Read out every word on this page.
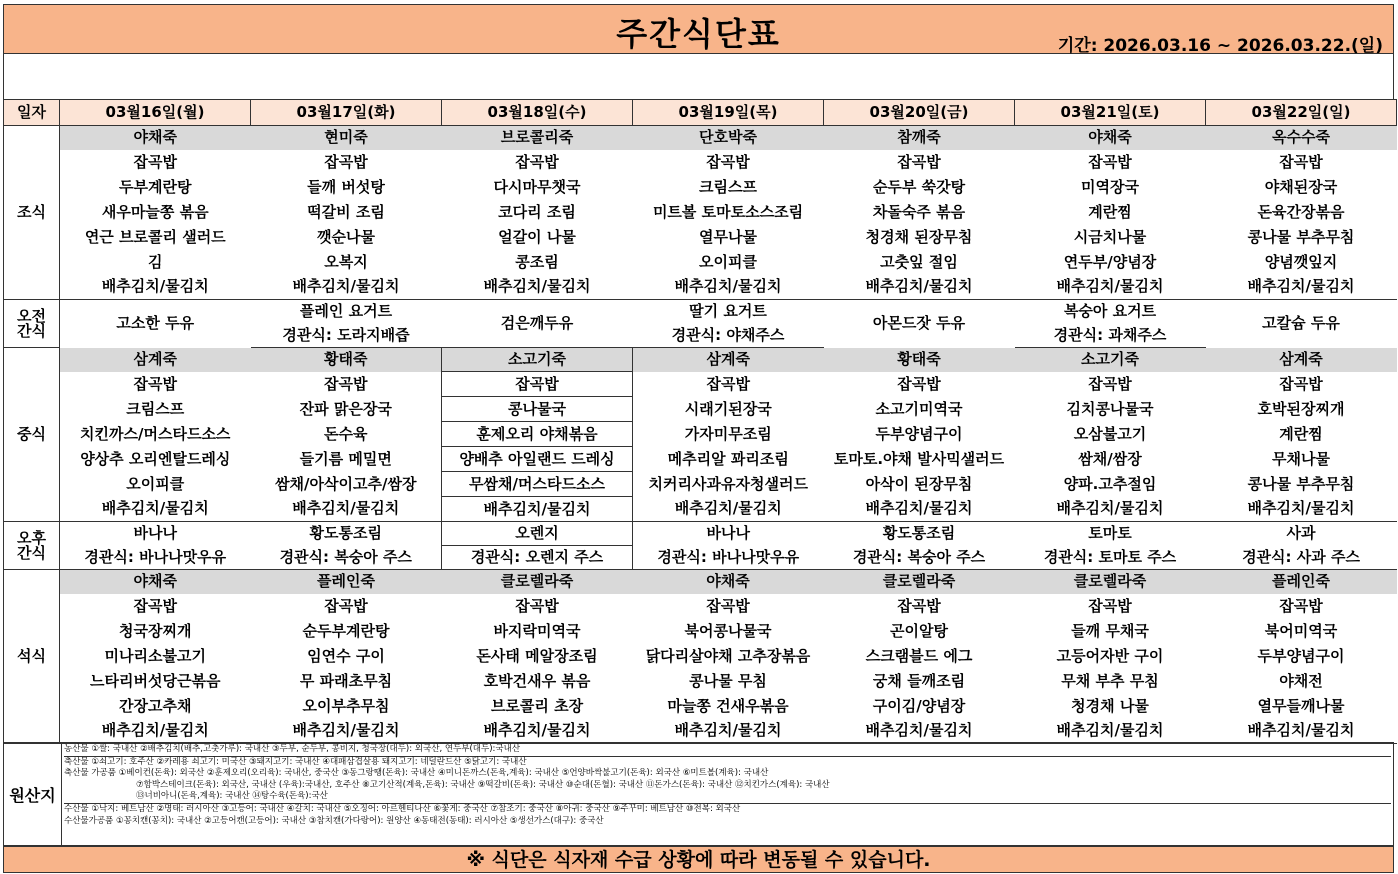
주간식단표	기간: 2026.03.16 ~ 2026.03.22.(일)
일자	03월16일(월)	03월17일(화)	03월18일(수)	03월19일(목)	03월20일(금)	03월21일(토)	03월22일(일)
조식	야채죽	현미죽	브로콜리죽	단호박죽	참깨죽	야채죽	옥수수죽
	잡곡밥	잡곡밥	잡곡밥	잡곡밥	잡곡밥	잡곡밥	잡곡밥
	두부계란탕	들깨 버섯탕	다시마무챗국	크림스프	순두부 쑥갓탕	미역장국	야채된장국
	새우마늘쫑 볶음	떡갈비 조림	코다리 조림	미트볼 토마토소스조림	차돌숙주 볶음	계란찜	돈육간장볶음
	연근 브로콜리 샐러드	깻순나물	얼갈이 나물	열무나물	청경채 된장무침	시금치나물	콩나물 부추무침
	김	오복지	콩조림	오이피클	고춧잎 절임	연두부/양념장	양념깻잎지
	배추김치/물김치	배추김치/물김치	배추김치/물김치	배추김치/물김치	배추김치/물김치	배추김치/물김치	배추김치/물김치
오전
간식	고소한 두유	플레인 요거트	검은깨두유	딸기 요거트	아몬드잣 두유	복숭아 요거트	고칼슘 두유
		경관식: 도라지배즙		경관식: 야채주스		경관식: 과채주스	
중식	삼계죽	황태죽	소고기죽	삼계죽	황태죽	소고기죽	삼계죽
	잡곡밥	잡곡밥	잡곡밥	잡곡밥	잡곡밥	잡곡밥	잡곡밥
	크림스프	잔파 맑은장국	콩나물국	시래기된장국	소고기미역국	김치콩나물국	호박된장찌개
	치킨까스/머스타드소스	돈수육	훈제오리 야채볶음	가자미무조림	두부양념구이	오삼불고기	계란찜
	양상추 오리엔탈드레싱	들기름 메밀면	양배추 아일랜드 드레싱	메추리알 꽈리조림	토마토.야채 발사믹샐러드	쌈채/쌈장	무채나물
	오이피클	쌈채/아삭이고추/쌈장	무쌈채/머스타드소스	치커리사과유자청샐러드	아삭이 된장무침	양파.고추절임	콩나물 부추무침
	배추김치/물김치	배추김치/물김치	배추김치/물김치	배추김치/물김치	배추김치/물김치	배추김치/물김치	배추김치/물김치
오후
간식	바나나	황도통조림	오렌지	바나나	황도통조림	토마토	사과
	경관식: 바나나맛우유	경관식: 복숭아 주스	경관식: 오렌지 주스	경관식: 바나나맛우유	경관식: 복숭아 주스	경관식: 토마토 주스	경관식: 사과 주스
석식	야채죽	플레인죽	클로렐라죽	야채죽	클로렐라죽	클로렐라죽	플레인죽
	잡곡밥	잡곡밥	잡곡밥	잡곡밥	잡곡밥	잡곡밥	잡곡밥
	청국장찌개	순두부계란탕	바지락미역국	북어콩나물국	곤이알탕	들깨 무채국	북어미역국
	미나리소불고기	임연수 구이	돈사태 메알장조림	닭다리살야채 고추장볶음	스크램블드 에그	고등어자반 구이	두부양념구이
	느타리버섯당근볶음	무 파래초무침	호박건새우 볶음	콩나물 무침	궁채 들깨조림	무채 부추 무침	야채전
	간장고추채	오이부추무침	브로콜리 초장	마늘쫑 건새우볶음	구이김/양념장	청경채 나물	열무들깨나물
	배추김치/물김치	배추김치/물김치	배추김치/물김치	배추김치/물김치	배추김치/물김치	배추김치/물김치	배추김치/물김치
원산지
농산물 ①쌀: 국내산 ②배추김치(배추,고춧가루): 국내산 ③두부, 순두부, 콩비지, 청국장(대두): 외국산, 연두부(대두):국내산
축산물 ①쇠고기: 호주산 ②카레용 쇠고기: 미국산 ③돼지고기: 국내산 ④대패삼겹살용 돼지고기: 네덜란드산 ⑤닭고기: 국내산
축산물 가공품 ①베이컨(돈육): 외국산 ②훈제오리(오리육): 국내산, 중국산 ③동그랑땡(돈육): 국내산 ④미니돈까스(돈육,계육): 국내산 ⑤언양바싹불고기(돈육): 외국산 ⑥미트볼(계육): 국내산
⑦함박스테이크(돈육): 외국산, 국내산 (우육):국내산, 호주산 ⑧고기산적(계육,돈육): 국내산 ⑨떡갈비(돈육): 국내산 ⑩순대(돈혈): 국내산 ⑪돈가스(돈육): 국내산 ⑫치킨가스(계육): 국내산
⑬너비아니(돈육,계육): 국내산 ⑭탕수육(돈육):국산
수산물 ①낙지: 베트남산 ②명태: 러시아산 ③고등어: 국내산 ④갈치: 국내산 ⑤오징어: 아르헨티나산 ⑥꽃게: 중국산 ⑦참조기: 중국산 ⑧아귀: 중국산 ⑨주꾸미: 베트남산 ⑩전복: 외국산
수산물가공품 ①꽁치캔(꽁치): 국내산 ②고등어캔(고등어): 국내산 ③참치캔(가다랑어): 원양산 ④동태전(동태): 러시아산 ⑤생선가스(대구): 중국산
※ 식단은 식자재 수급 상황에 따라 변동될 수 있습니다.
